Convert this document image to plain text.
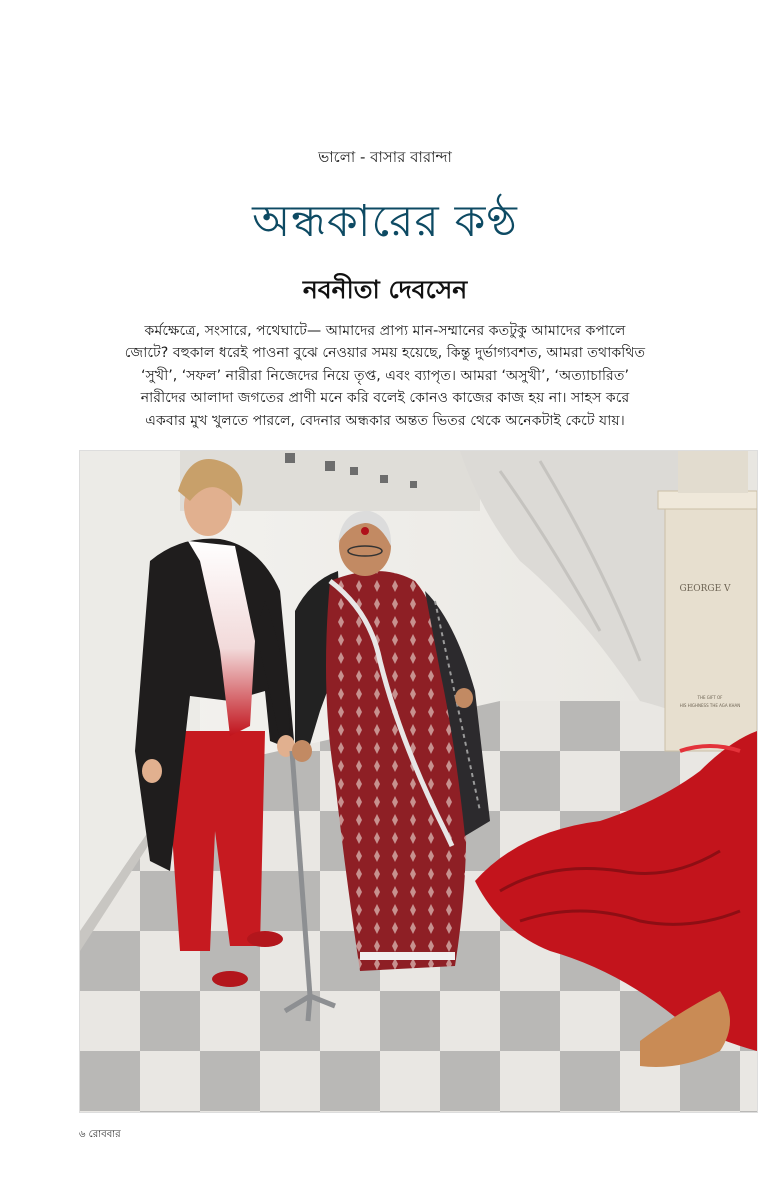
ভালো - বাসার বারান্দা
অন্ধকারের কণ্ঠ
নবনীতা দেবসেন
কর্মক্ষেত্রে, সংসারে, পথেঘাটে— আমাদের প্রাপ্য মান-সম্মানের কতটুকু আমাদের কপালে
জোটে? বহুকাল ধরেই পাওনা বুঝে নেওয়ার সময় হয়েছে, কিন্তু দুর্ভাগ্যবশত, আমরা তথাকথিত
‘সুখী’, ‘সফল’ নারীরা নিজেদের নিয়ে তৃপ্ত, এবং ব্যাপৃত। আমরা ‘অসুখী’, ‘অত্যাচারিত’
নারীদের আলাদা জগতের প্রাণী মনে করি বলেই কোনও কাজের কাজ হয় না। সাহস করে
একবার মুখ খুলতে পারলে, বেদনার অন্ধকার অন্তত ভিতর থেকে অনেকটাই কেটে যায়।
GEORGE V
THE GIFT OF
HIS HIGHNESS THE AGA KHAN
৬ রোববার
